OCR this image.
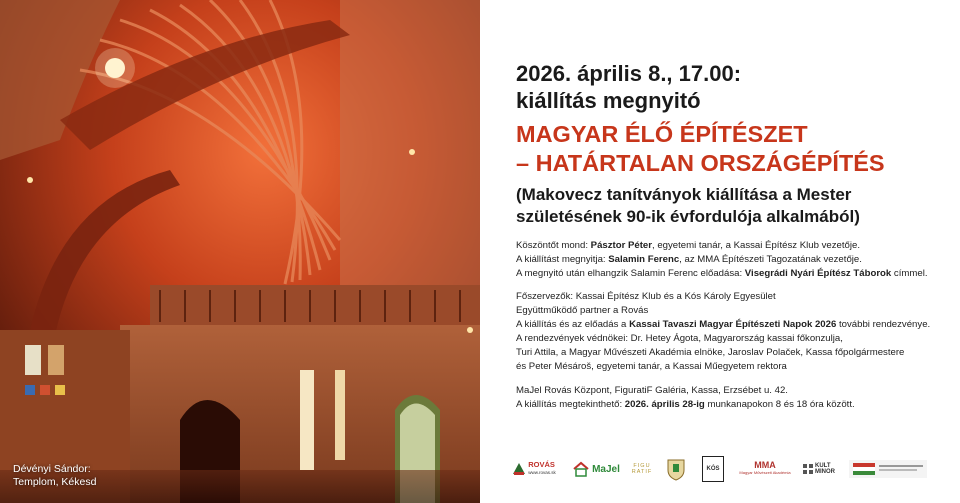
Dévényi Sándor:
Templom, Kékesd
2026. április 8., 17.00:
kiállítás megnyitó
MAGYAR ÉLŐ ÉPÍTÉSZET
– HATÁRTALAN ORSZÁGÉPÍTÉS
(Makovecz tanítványok kiállítása a Mester
születésének 90-ik évfordulója alkalmából)
Köszöntőt mond: Pásztor Péter, egyetemi tanár, a Kassai Építész Klub vezetője.
A kiállítást megnyitja: Salamin Ferenc, az MMA Építészeti Tagozatának vezetője.
A megnyitó után elhangzik Salamin Ferenc előadása: Visegrádi Nyári Építész Táborok címmel.
Főszervezők: Kassai Építész Klub és a Kós Károly Egyesület
Együttműködő partner a Rovás
A kiállítás és az előadás a Kassai Tavaszi Magyar Építészeti Napok 2026 további rendezvénye.
A rendezvények védnökei: Dr. Hetey Ágota, Magyarország kassai főkonzulja,
Turi Attila, a Magyar Művészeti Akadémia elnöke, Jaroslav Polaček, Kassa főpolgármestere
és Peter Mésároš, egyetemi tanár, a Kassai Műegyetem rektora
MaJel Rovás Központ, FiguratiF Galéria, Kassa, Erzsébet u. 42.
A kiállítás megtekinthető: 2026. április 28-ig munkanapokon 8 és 18 óra között.
ROVÁS
www.rovas.sk	MaJel	FIGURATIF	KÓS	MMA
Magyar Művészeti Akadémia
KULT MINOR
